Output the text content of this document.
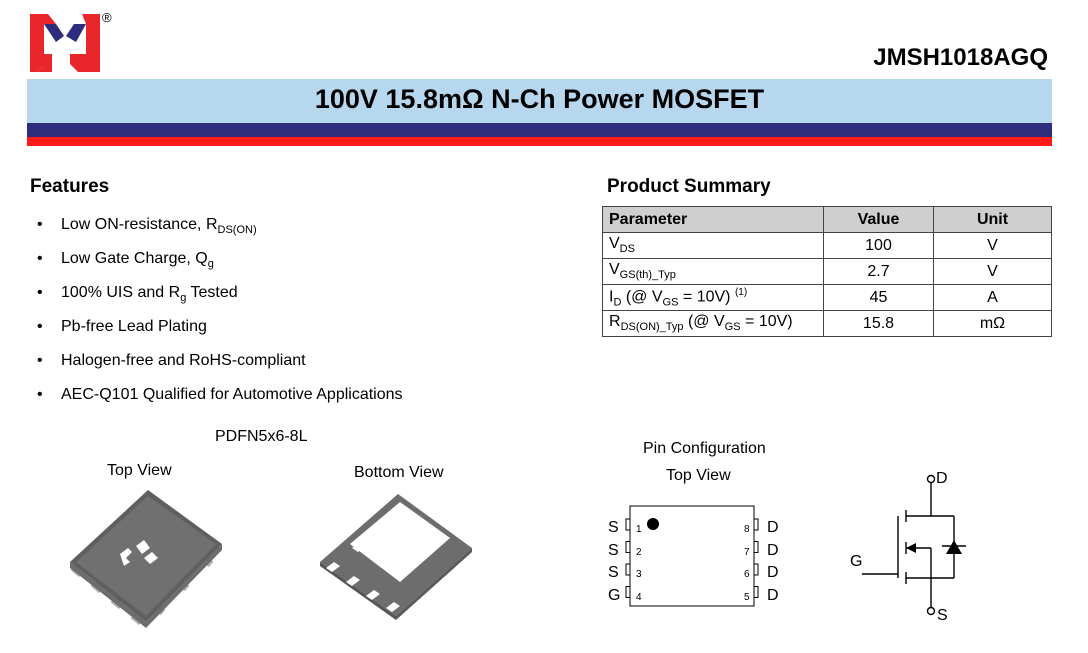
®
JMSH1018AGQ
100V 15.8mΩ N-Ch Power MOSFET
Features
•	Low ON-resistance, $R_{DS(ON)}$
•	Low Gate Charge, $Q_g$
•	100% UIS and $R_g$ Tested
•	Pb-free Lead Plating
•	Halogen-free and RoHS-compliant
•	AEC-Q101 Qualified for Automotive Applications
Product Summary
Parameter	Value	Unit
$V_{DS}$	100	V
$V_{GS(th)\_Typ}$	2.7	V
$I_D$ (@ $V_{GS} = 10V$) $^{(1)}$	45	A
$R_{DS(ON)\_Typ}$ (@ $V_{GS} = 10V$)	15.8	mΩ
PDFN5x6-8L
Top View	Bottom View
Pin Configuration
Top View
S
S
S
G
D
D
D
D
1
2
3
4
8
7
6
5
D
G
S
